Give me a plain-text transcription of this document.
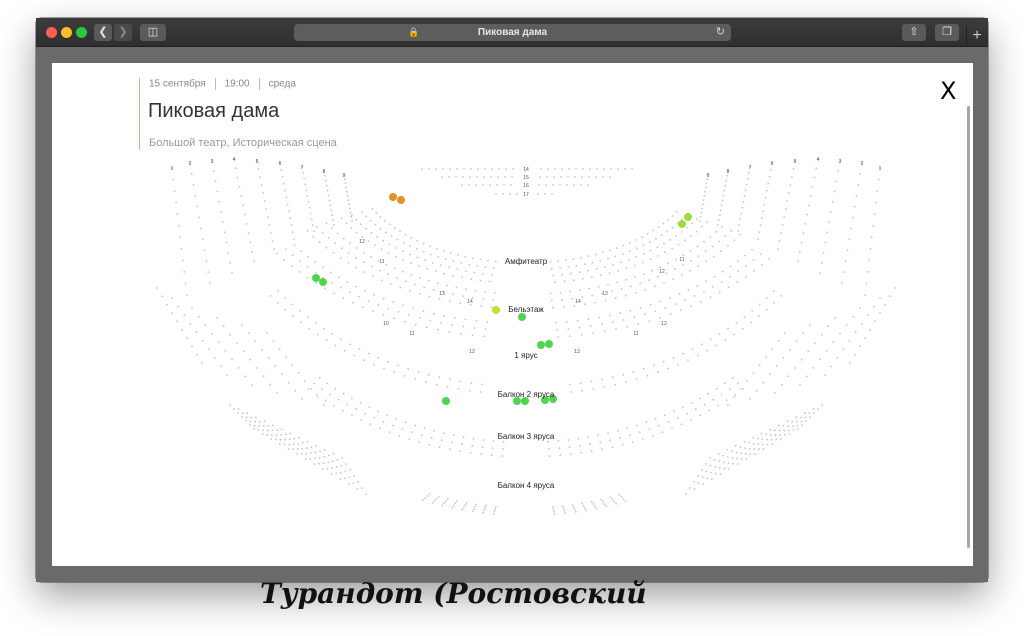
❮ ❯	◫	🔒	Пиковая дама	↻	⇧	❐	+
Турандот (Ростовский
X
15 сентября 19:00 среда
Пиковая дама
Большой театр, Историческая сцена
14
15
16
17
12
11
12
11
13
14	14
13
12
11
10
13
11
12
1
2	3	4	5	6
7
8
9
1
2
3
4
5
6
7
8
9
Амфитеатр
Бельэтаж
1 ярус
Балкон 2 яруса
Балкон 3 яруса
Балкон 4 яруса
